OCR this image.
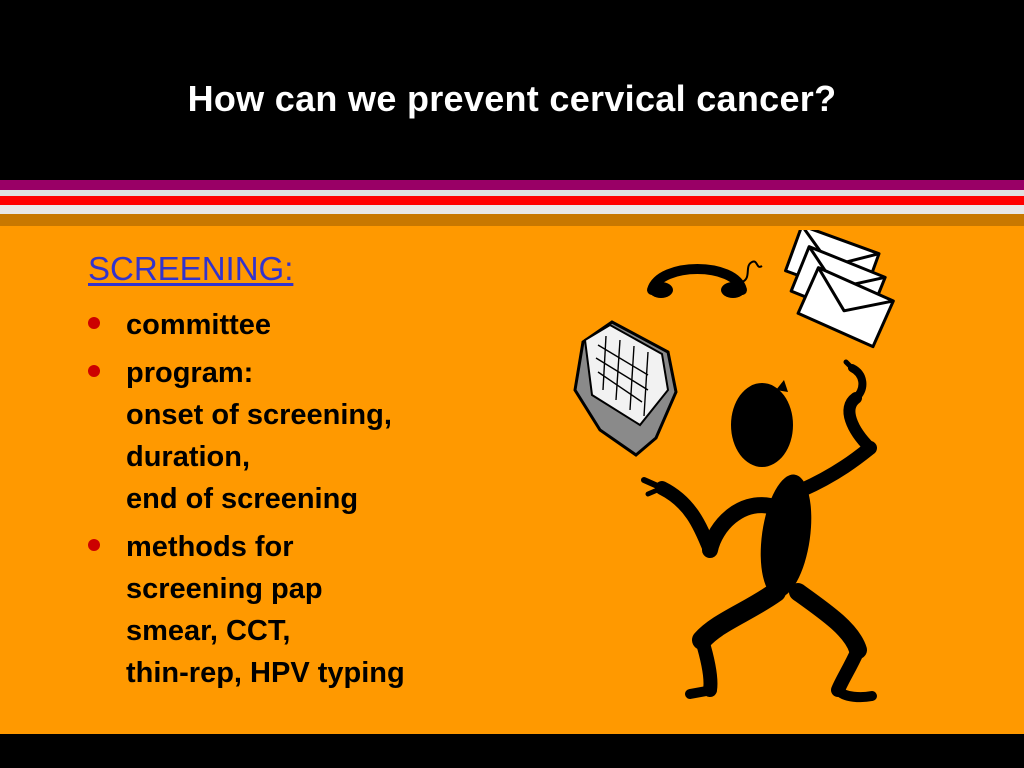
How can we prevent cervical cancer?
SCREENING:
committee
program:
onset of screening,
duration,
end of screening
methods for
screening pap
smear, CCT,
thin-rep, HPV typing
